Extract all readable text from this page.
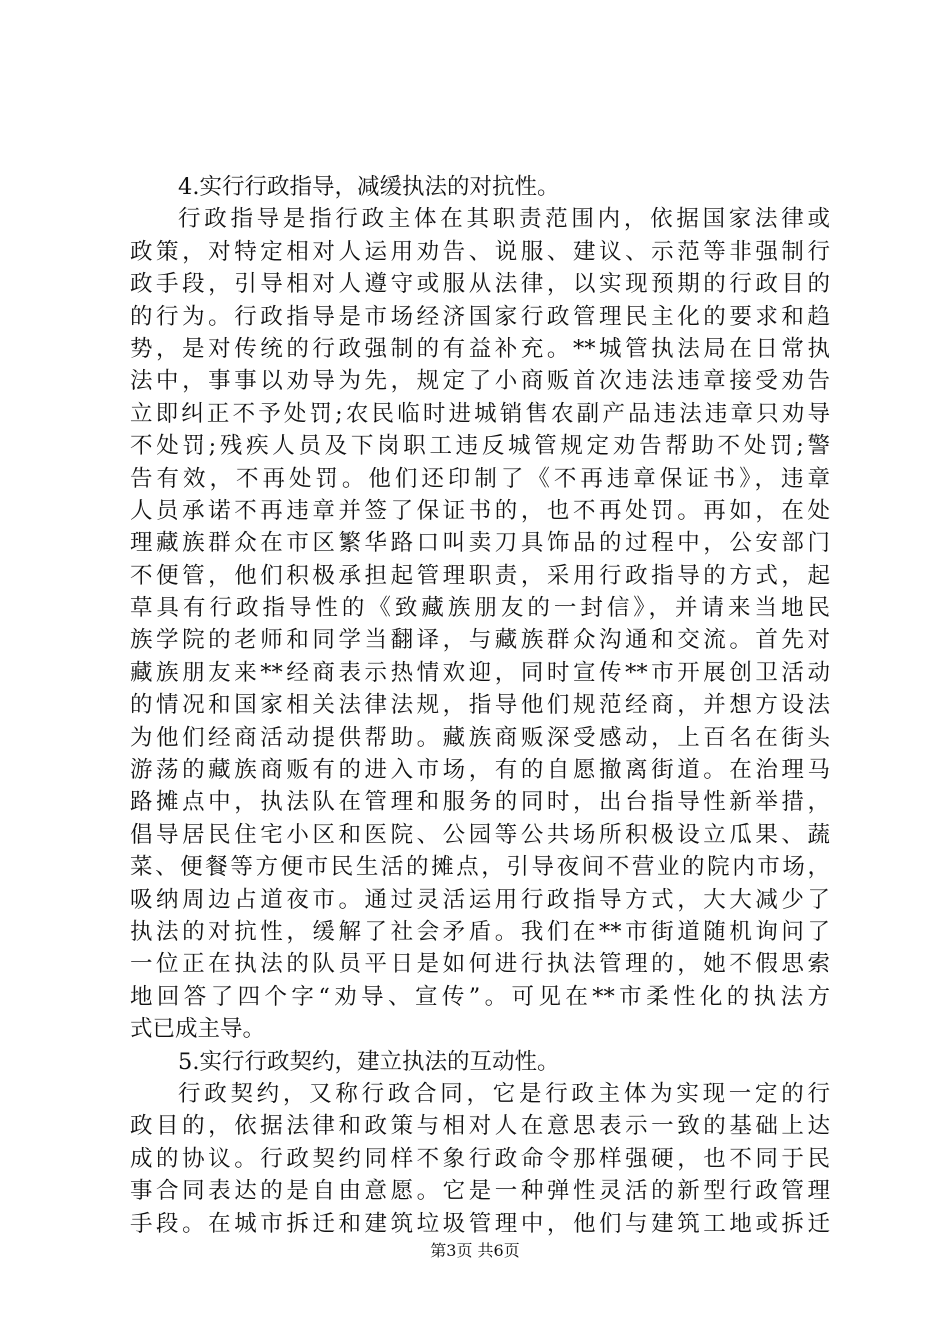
4.实行行政指导，减缓执法的对抗性。
行政指导是指行政主体在其职责范围内，依据国家法律或
政策，对特定相对人运用劝告、说服、建议、示范等非强制行
政手段，引导相对人遵守或服从法律，以实现预期的行政目的
的行为。行政指导是市场经济国家行政管理民主化的要求和趋
势，是对传统的行政强制的有益补充。**城管执法局在日常执
法中，事事以劝导为先，规定了小商贩首次违法违章接受劝告
立即纠正不予处罚;农民临时进城销售农副产品违法违章只劝导
不处罚;残疾人员及下岗职工违反城管规定劝告帮助不处罚;警
告有效，不再处罚。他们还印制了《不再违章保证书》，违章
人员承诺不再违章并签了保证书的，也不再处罚。再如，在处
理藏族群众在市区繁华路口叫卖刀具饰品的过程中，公安部门
不便管，他们积极承担起管理职责，采用行政指导的方式，起
草具有行政指导性的《致藏族朋友的一封信》，并请来当地民
族学院的老师和同学当翻译，与藏族群众沟通和交流。首先对
藏族朋友来**经商表示热情欢迎，同时宣传**市开展创卫活动
的情况和国家相关法律法规，指导他们规范经商，并想方设法
为他们经商活动提供帮助。藏族商贩深受感动，上百名在街头
游荡的藏族商贩有的进入市场，有的自愿撤离街道。在治理马
路摊点中，执法队在管理和服务的同时，出台指导性新举措，
倡导居民住宅小区和医院、公园等公共场所积极设立瓜果、蔬
菜、便餐等方便市民生活的摊点，引导夜间不营业的院内市场，
吸纳周边占道夜市。通过灵活运用行政指导方式，大大减少了
执法的对抗性，缓解了社会矛盾。我们在**市街道随机询问了
一位正在执法的队员平日是如何进行执法管理的，她不假思索
地回答了四个字“劝导、宣传”。可见在**市柔性化的执法方
式已成主导。
5.实行行政契约，建立执法的互动性。
行政契约，又称行政合同，它是行政主体为实现一定的行
政目的，依据法律和政策与相对人在意思表示一致的基础上达
成的协议。行政契约同样不象行政命令那样强硬，也不同于民
事合同表达的是自由意愿。它是一种弹性灵活的新型行政管理
手段。在城市拆迁和建筑垃圾管理中，他们与建筑工地或拆迁
第3页 共6页
